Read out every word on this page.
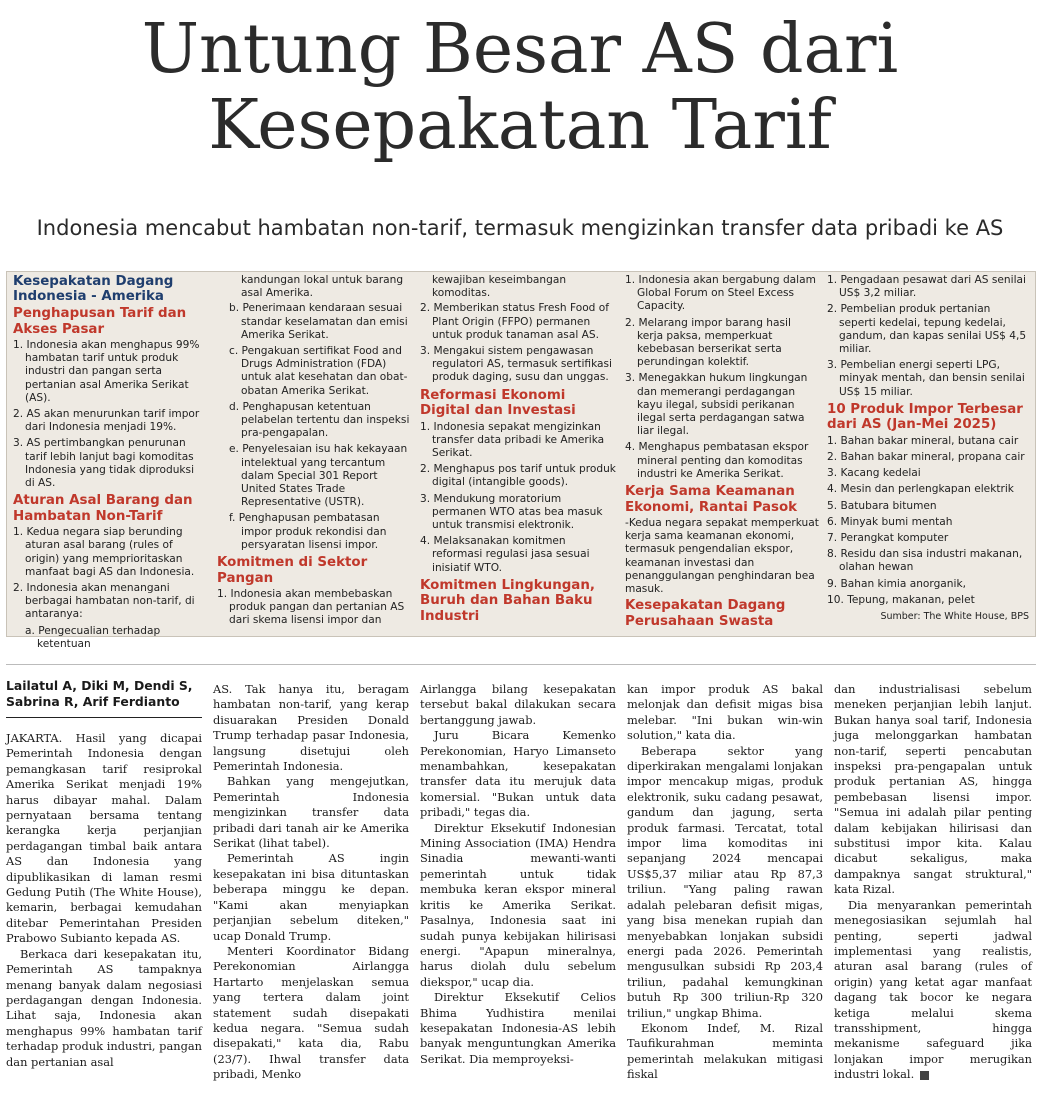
Untung Besar AS dari
Kesepakatan Tarif
Indonesia mencabut hambatan non-tarif, termasuk mengizinkan transfer data pribadi ke AS

Kesepakatan Dagang Indonesia - Amerika

Penghapusan Tarif dan Akses Pasar

1. Indonesia akan menghapus 99% hambatan tarif untuk produk industri dan pangan serta pertanian asal Amerika Serikat (AS).

2. AS akan menurunkan tarif impor dari Indonesia menjadi 19%.

3. AS pertimbangkan penurunan tarif lebih lanjut bagi komoditas Indonesia yang tidak diproduksi di AS.

Aturan Asal Barang dan Hambatan Non-Tarif

1. Kedua negara siap berunding aturan asal barang (rules of origin) yang memprioritaskan manfaat bagi AS dan Indonesia.

2. Indonesia akan menangani berbagai hambatan non-tarif, di antaranya:

a. Pengecualian terhadap ketentuan

kandungan lokal untuk barang asal Amerika.

b. Penerimaan kendaraan sesuai standar keselamatan dan emisi Amerika Serikat.

c. Pengakuan sertifikat Food and Drugs Administration (FDA) untuk alat kesehatan dan obat-obatan Amerika Serikat.

d. Penghapusan ketentuan pelabelan tertentu dan inspeksi pra-pengapalan.

e. Penyelesaian isu hak kekayaan intelektual yang tercantum dalam Special 301 Report United States Trade Representative (USTR).

f. Penghapusan pembatasan impor produk rekondisi dan persyaratan lisensi impor.

Komitmen di Sektor Pangan

1. Indonesia akan membebaskan produk pangan dan pertanian AS dari skema lisensi impor dan

kewajiban keseimbangan komoditas.

2. Memberikan status Fresh Food of Plant Origin (FFPO) permanen untuk produk tanaman asal AS.

3. Mengakui sistem pengawasan regulatori AS, termasuk sertifikasi produk daging, susu dan unggas.

Reformasi Ekonomi Digital dan Investasi

1. Indonesia sepakat mengizinkan transfer data pribadi ke Amerika Serikat.

2. Menghapus pos tarif untuk produk digital (intangible goods).

3. Mendukung moratorium permanen WTO atas bea masuk untuk transmisi elektronik.

4. Melaksanakan komitmen reformasi regulasi jasa sesuai inisiatif WTO.

Komitmen Lingkungan, Buruh dan Bahan Baku Industri

1. Indonesia akan bergabung dalam Global Forum on Steel Excess Capacity.

2. Melarang impor barang hasil kerja paksa, memperkuat kebebasan berserikat serta perundingan kolektif.

3. Menegakkan hukum lingkungan dan memerangi perdagangan kayu ilegal, subsidi perikanan ilegal serta perdagangan satwa liar ilegal.

4. Menghapus pembatasan ekspor mineral penting dan komoditas industri ke Amerika Serikat.

Kerja Sama Keamanan Ekonomi, Rantai Pasok

-Kedua negara sepakat memperkuat kerja sama keamanan ekonomi, termasuk pengendalian ekspor, keamanan investasi dan penanggulangan penghindaran bea masuk.

Kesepakatan Dagang Perusahaan Swasta

1. Pengadaan pesawat dari AS senilai US$ 3,2 miliar.

2. Pembelian produk pertanian seperti kedelai, tepung kedelai, gandum, dan kapas senilai US$ 4,5 miliar.

3. Pembelian energi seperti LPG, minyak mentah, dan bensin senilai US$ 15 miliar.

10 Produk Impor Terbesar dari AS (Jan-Mei 2025)

1. Bahan bakar mineral, butana cair

2. Bahan bakar mineral, propana cair

3. Kacang kedelai

4. Mesin dan perlengkapan elektrik

5. Batubara bitumen

6. Minyak bumi mentah

7. Perangkat komputer

8. Residu dan sisa industri makanan, olahan hewan

9. Bahan kimia anorganik,

10. Tepung, makanan, pelet

Sumber: The White House, BPS

Lailatul A, Diki M, Dendi S,
Sabrina R, Arif Ferdianto

JAKARTA. Hasil yang dicapai Pemerintah Indonesia dengan pemangkasan tarif resiprokal Amerika Serikat menjadi 19% harus dibayar mahal. Dalam pernyataan bersama tentang kerangka kerja perjanjian perdagangan timbal baik antara AS dan Indonesia yang dipublikasikan di laman resmi Gedung Putih (The White House), kemarin, berbagai kemudahan ditebar Pemerintahan Presiden Prabowo Subianto kepada AS.

Berkaca dari kesepakatan itu, Pemerintah AS tampaknya menang banyak dalam negosiasi perdagangan dengan Indonesia. Lihat saja, Indonesia akan menghapus 99% hambatan tarif terhadap produk industri, pangan dan pertanian asal

AS. Tak hanya itu, beragam hambatan non-tarif, yang kerap disuarakan Presiden Donald Trump terhadap pasar Indonesia, langsung disetujui oleh Pemerintah Indonesia.

Bahkan yang mengejutkan, Pemerintah Indonesia mengizinkan transfer data pribadi dari tanah air ke Amerika Serikat (lihat tabel).

Pemerintah AS ingin kesepakatan ini bisa dituntaskan beberapa minggu ke depan. "Kami akan menyiapkan perjanjian sebelum diteken," ucap Donald Trump.

Menteri Koordinator Bidang Perekonomian Airlangga Hartarto menjelaskan semua yang tertera dalam joint statement sudah disepakati kedua negara. "Semua sudah disepakati," kata dia, Rabu (23/7). Ihwal transfer data pribadi, Menko

Airlangga bilang kesepakatan tersebut bakal dilakukan secara bertanggung jawab.

Juru Bicara Kemenko Perekonomian, Haryo Limanseto menambahkan, kesepakatan transfer data itu merujuk data komersial. "Bukan untuk data pribadi," tegas dia.

Direktur Eksekutif Indonesian Mining Association (IMA) Hendra Sinadia mewanti-wanti pemerintah untuk tidak membuka keran ekspor mineral kritis ke Amerika Serikat. Pasalnya, Indonesia saat ini sudah punya kebijakan hilirisasi energi. "Apapun mineralnya, harus diolah dulu sebelum diekspor," ucap dia.

Direktur Eksekutif Celios Bhima Yudhistira menilai kesepakatan Indonesia-AS lebih banyak menguntungkan Amerika Serikat. Dia memproyeksi-

kan impor produk AS bakal melonjak dan defisit migas bisa melebar. "Ini bukan win-win solution," kata dia.

Beberapa sektor yang diperkirakan mengalami lonjakan impor mencakup migas, produk elektronik, suku cadang pesawat, gandum dan jagung, serta produk farmasi. Tercatat, total impor lima komoditas ini sepanjang 2024 mencapai US$5,37 miliar atau Rp 87,3 triliun. "Yang paling rawan adalah pelebaran defisit migas, yang bisa menekan rupiah dan menyebabkan lonjakan subsidi energi pada 2026. Pemerintah mengusulkan subsidi Rp 203,4 triliun, padahal kemungkinan butuh Rp 300 triliun-Rp 320 triliun," ungkap Bhima.

Ekonom Indef, M. Rizal Taufikurahman meminta pemerintah melakukan mitigasi fiskal

dan industrialisasi sebelum meneken perjanjian lebih lanjut. Bukan hanya soal tarif, Indonesia juga melonggarkan hambatan non-tarif, seperti pencabutan inspeksi pra-pengapalan untuk produk pertanian AS, hingga pembebasan lisensi impor. "Semua ini adalah pilar penting dalam kebijakan hilirisasi dan substitusi impor kita. Kalau dicabut sekaligus, maka dampaknya sangat struktural," kata Rizal.

Dia menyarankan pemerintah menegosiasikan sejumlah hal penting, seperti jadwal implementasi yang realistis, aturan asal barang (rules of origin) yang ketat agar manfaat dagang tak bocor ke negara ketiga melalui skema transshipment, hingga mekanisme safeguard jika lonjakan impor merugikan industri lokal.
